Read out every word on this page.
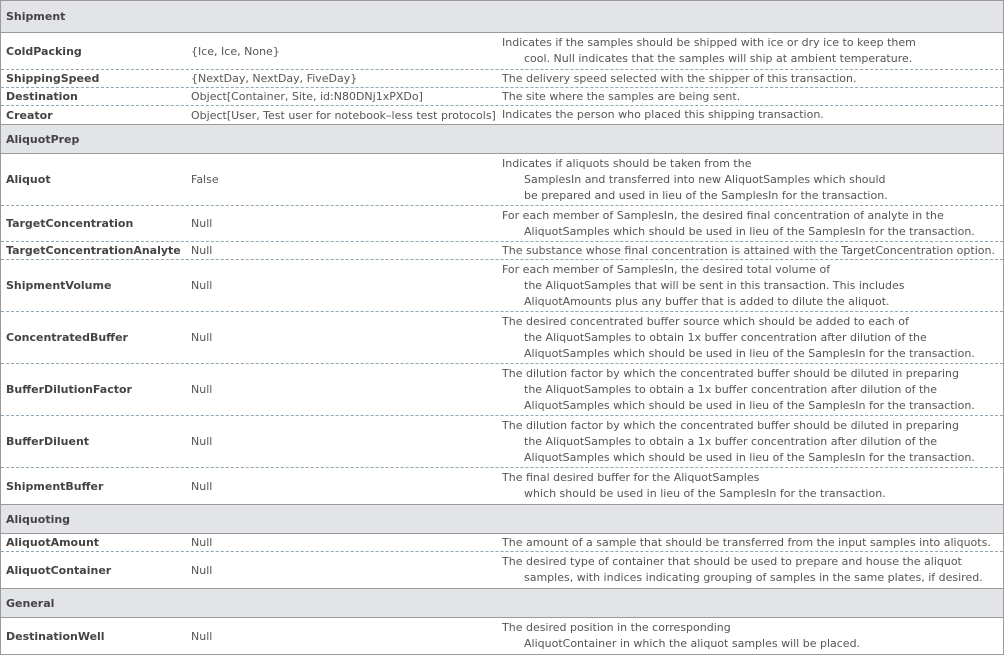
Shipment
ColdPacking	{Ice, Ice, None}
Indicates if the samples should be shipped with ice or dry ice to keep them
cool. Null indicates that the samples will ship at ambient temperature.
ShippingSpeed	{NextDay, NextDay, FiveDay}	The delivery speed selected with the shipper of this transaction.
Destination	Object[Container, Site, id:N80DNj1xPXDo]	The site where the samples are being sent.
Creator	Object[User, Test user for notebook–less test protocols] Indicates the person who placed this shipping transaction.
AliquotPrep
Aliquot	False
Indicates if aliquots should be taken from the
SamplesIn and transferred into new AliquotSamples which should
be prepared and used in lieu of the SamplesIn for the transaction.
TargetConcentration	Null
For each member of SamplesIn, the desired final concentration of analyte in the
AliquotSamples which should be used in lieu of the SamplesIn for the transaction.
TargetConcentrationAnalyte Null	The substance whose final concentration is attained with the TargetConcentration option.
ShipmentVolume	Null
For each member of SamplesIn, the desired total volume of
the AliquotSamples that will be sent in this transaction. This includes
AliquotAmounts plus any buffer that is added to dilute the aliquot.
ConcentratedBuffer	Null
The desired concentrated buffer source which should be added to each of
the AliquotSamples to obtain 1x buffer concentration after dilution of the
AliquotSamples which should be used in lieu of the SamplesIn for the transaction.
BufferDilutionFactor	Null
The dilution factor by which the concentrated buffer should be diluted in preparing
the AliquotSamples to obtain a 1x buffer concentration after dilution of the
AliquotSamples which should be used in lieu of the SamplesIn for the transaction.
BufferDiluent	Null
The dilution factor by which the concentrated buffer should be diluted in preparing
the AliquotSamples to obtain a 1x buffer concentration after dilution of the
AliquotSamples which should be used in lieu of the SamplesIn for the transaction.
ShipmentBuffer	Null
The final desired buffer for the AliquotSamples
which should be used in lieu of the SamplesIn for the transaction.
Aliquoting
AliquotAmount	Null	The amount of a sample that should be transferred from the input samples into aliquots.
AliquotContainer	Null
The desired type of container that should be used to prepare and house the aliquot
samples, with indices indicating grouping of samples in the same plates, if desired.
General
DestinationWell	Null
The desired position in the corresponding
AliquotContainer in which the aliquot samples will be placed.
